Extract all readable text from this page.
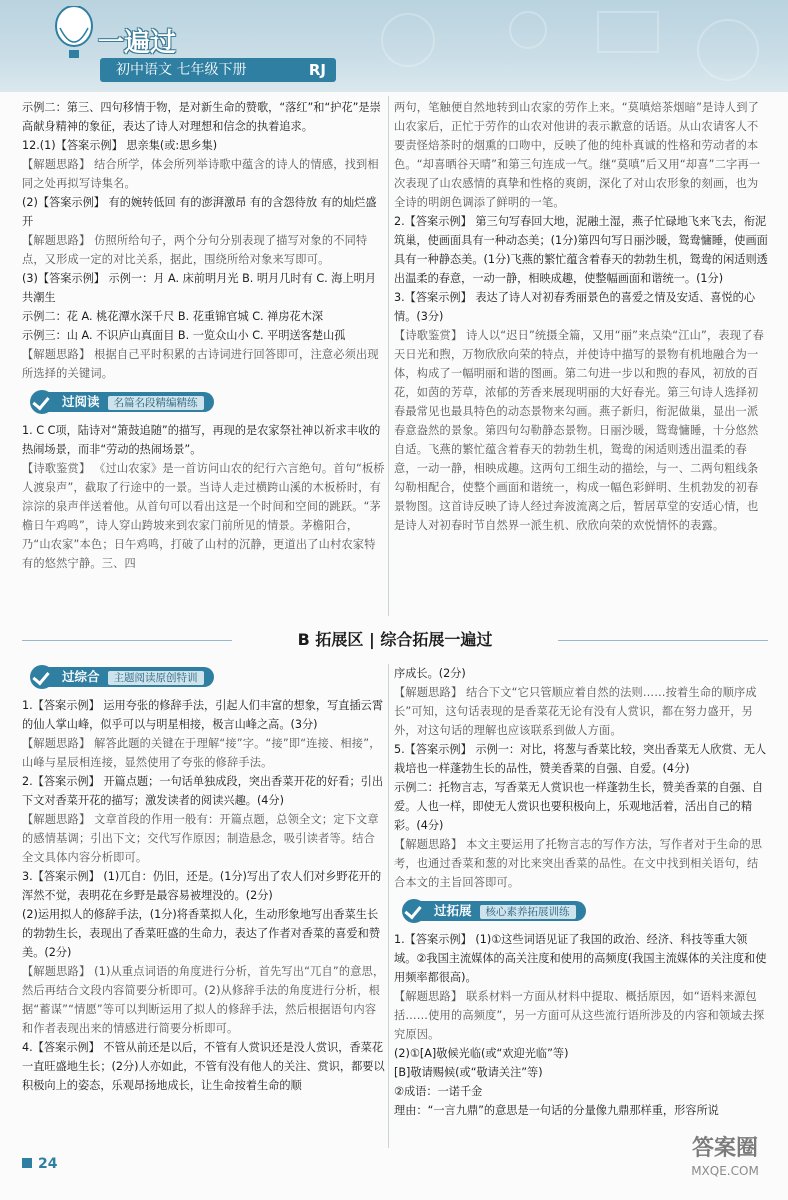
一遍过
初中语文 七年级下册	RJ

示例二：第三、四句移情于物，是对新生命的赞歌，“落红”和“护花”是崇高献身精神的象征，表达了诗人对理想和信念的执着追求。

12.(1)【答案示例】 思亲集(或:思乡集)

【解题思路】 结合所学，体会所列举诗歌中蕴含的诗人的情感，找到相同之处再拟写诗集名。

(2)【答案示例】 有的婉转低回 有的澎湃激昂 有的含怨待放 有的灿烂盛开

【解题思路】 仿照所给句子，两个分句分别表现了描写对象的不同特点，又形成一定的对比关系，据此，围绕所给对象来写即可。

(3)【答案示例】 示例一：月 A. 床前明月光 B. 明月几时有 C. 海上明月共潮生

示例二：花 A. 桃花潭水深千尺 B. 花重锦官城 C. 禅房花木深

示例三：山 A. 不识庐山真面目 B. 一览众山小 C. 平明送客楚山孤

【解题思路】 根据自己平时积累的古诗词进行回答即可，注意必须出现所选择的关键词。

过阅读 名篇名段精编精练

1. C C项，陆诗对“箫鼓追随”的描写，再现的是农家祭社神以祈求丰收的热闹场景，而非“劳动的热闹场景”。

【诗歌鉴赏】 《过山农家》是一首访问山农的纪行六言绝句。首句“板桥人渡泉声”，截取了行途中的一景。当诗人走过横跨山溪的木板桥时，有淙淙的泉声伴送着他。从首句可以看出这是一个时间和空间的跳跃。“茅檐日午鸡鸣”，诗人穿山跨坡来到农家门前所见的情景。茅檐阳合，乃“山农家”本色；日午鸡鸣，打破了山村的沉静，更道出了山村农家特有的悠然宁静。三、四

两句，笔触便自然地转到山农家的劳作上来。“莫嗔焙茶烟暗”是诗人到了山农家后，正忙于劳作的山农对他讲的表示歉意的话语。从山农请客人不要责怪焙茶时的烟熏的口吻中，反映了他的纯朴真诚的性格和劳动者的本色。“却喜晒谷天晴”和第三句连成一气。继“莫嗔”后又用“却喜”二字再一次表现了山农感情的真挚和性格的爽朗，深化了对山农形象的刻画，也为全诗的明朗色调添了鲜明的一笔。

2.【答案示例】 第三句写春回大地，泥融土湿，燕子忙碌地飞来飞去，衔泥筑巢，使画面具有一种动态美；(1分)第四句写日丽沙暖，鸳鸯慵睡，使画面具有一种静态美。(1分)飞燕的繁忙蕴含着春天的勃勃生机，鸳鸯的闲适则透出温柔的春意，一动一静，相映成趣，使整幅画面和谐统一。(1分)

3.【答案示例】 表达了诗人对初春秀丽景色的喜爱之情及安适、喜悦的心情。(3分)

【诗歌鉴赏】 诗人以“迟日”统摄全篇，又用“丽”来点染“江山”，表现了春天日光和煦，万物欣欣向荣的特点，并使诗中描写的景物有机地融合为一体，构成了一幅明丽和谐的图画。第二句进一步以和煦的春风，初放的百花，如茵的芳草，浓郁的芳香来展现明丽的大好春光。第三句诗人选择初春最常见也最具特色的动态景物来勾画。燕子新归，衔泥做巢，显出一派春意盎然的景象。第四句勾勒静态景物。日丽沙暖，鸳鸯慵睡，十分悠然自适。飞燕的繁忙蕴含着春天的勃勃生机，鸳鸯的闲适则透出温柔的春意，一动一静，相映成趣。这两句工细生动的描绘，与一、二两句粗线条勾勒相配合，使整个画面和谐统一，构成一幅色彩鲜明、生机勃发的初春景物图。这首诗反映了诗人经过奔波流离之后，暂居草堂的安适心情，也是诗人对初春时节自然界一派生机、欣欣向荣的欢悦情怀的表露。

B 拓展区 | 综合拓展一遍过
过综合 主题阅读原创特训

1.【答案示例】 运用夸张的修辞手法，引起人们丰富的想象，写直插云霄的仙人掌山峰，似乎可以与明星相接，极言山峰之高。(3分)

【解题思路】 解答此题的关键在于理解“接”字。“接”即“连接、相接”，山峰与星辰相连接，显然使用了夸张的修辞手法。

2.【答案示例】 开篇点题；一句话单独成段，突出香菜开花的好看；引出下文对香菜开花的描写；激发读者的阅读兴趣。(4分)

【解题思路】 文章首段的作用一般有：开篇点题，总领全文；定下文章的感情基调；引出下文；交代写作原因；制造悬念，吸引读者等。结合全文具体内容分析即可。

3.【答案示例】 (1)兀自：仍旧，还是。(1分)写出了农人们对乡野花开的浑然不觉，表明花在乡野是最容易被埋没的。(2分)

(2)运用拟人的修辞手法，(1分)将香菜拟人化，生动形象地写出香菜生长的勃勃生长，表现出了香菜旺盛的生命力，表达了作者对香菜的喜爱和赞美。(2分)

【解题思路】 (1)从重点词语的角度进行分析，首先写出“兀自”的意思，然后再结合文段内容简要分析即可。(2)从修辞手法的角度进行分析，根据“蓄谋”“情愿”等可以判断运用了拟人的修辞手法，然后根据语句内容和作者表现出来的情感进行简要分析即可。

4.【答案示例】 不管从前还是以后，不管有人赏识还是没人赏识，香菜花一直旺盛地生长；(2分)人亦如此，不管有没有他人的关注、赏识，都要以积极向上的姿态，乐观昂扬地成长，让生命按着生命的顺

序成长。(2分)

【解题思路】 结合下文“它只管顺应着自然的法则……按着生命的顺序成长”可知，这句话表现的是香菜花无论有没有人赏识，都在努力盛开，另外，对这句话的理解也应该联系到做人方面。

5.【答案示例】 示例一：对比，将葱与香菜比较，突出香菜无人欣赏、无人栽培也一样蓬勃生长的品性，赞美香菜的自强、自爱。(4分)

示例二：托物言志，写香菜无人赏识也一样蓬勃生长，赞美香菜的自强、自爱。人也一样，即使无人赏识也要积极向上，乐观地活着，活出自己的精彩。(4分)

【解题思路】 本文主要运用了托物言志的写作方法，写作者对于生命的思考，也通过香菜和葱的对比来突出香菜的品性。在文中找到相关语句，结合本文的主旨回答即可。

过拓展 核心素养拓展训练

1.【答案示例】 (1)①这些词语见证了我国的政治、经济、科技等重大领域。②我国主流媒体的高关注度和使用的高频度(我国主流媒体的关注度和使用频率都很高)。

【解题思路】 联系材料一方面从材料中提取、概括原因，如“语料来源包括……使用的高频度”，另一方面可从这些流行语所涉及的内容和领域去探究原因。

(2)①[A]敬候光临(或“欢迎光临”等)

[B]敬请赐候(或“敬请关注”等)

②成语：一诺千金

理由：“一言九鼎”的意思是一句话的分量像九鼎那样重，形容所说

24
答案圈
MXQE.COM
